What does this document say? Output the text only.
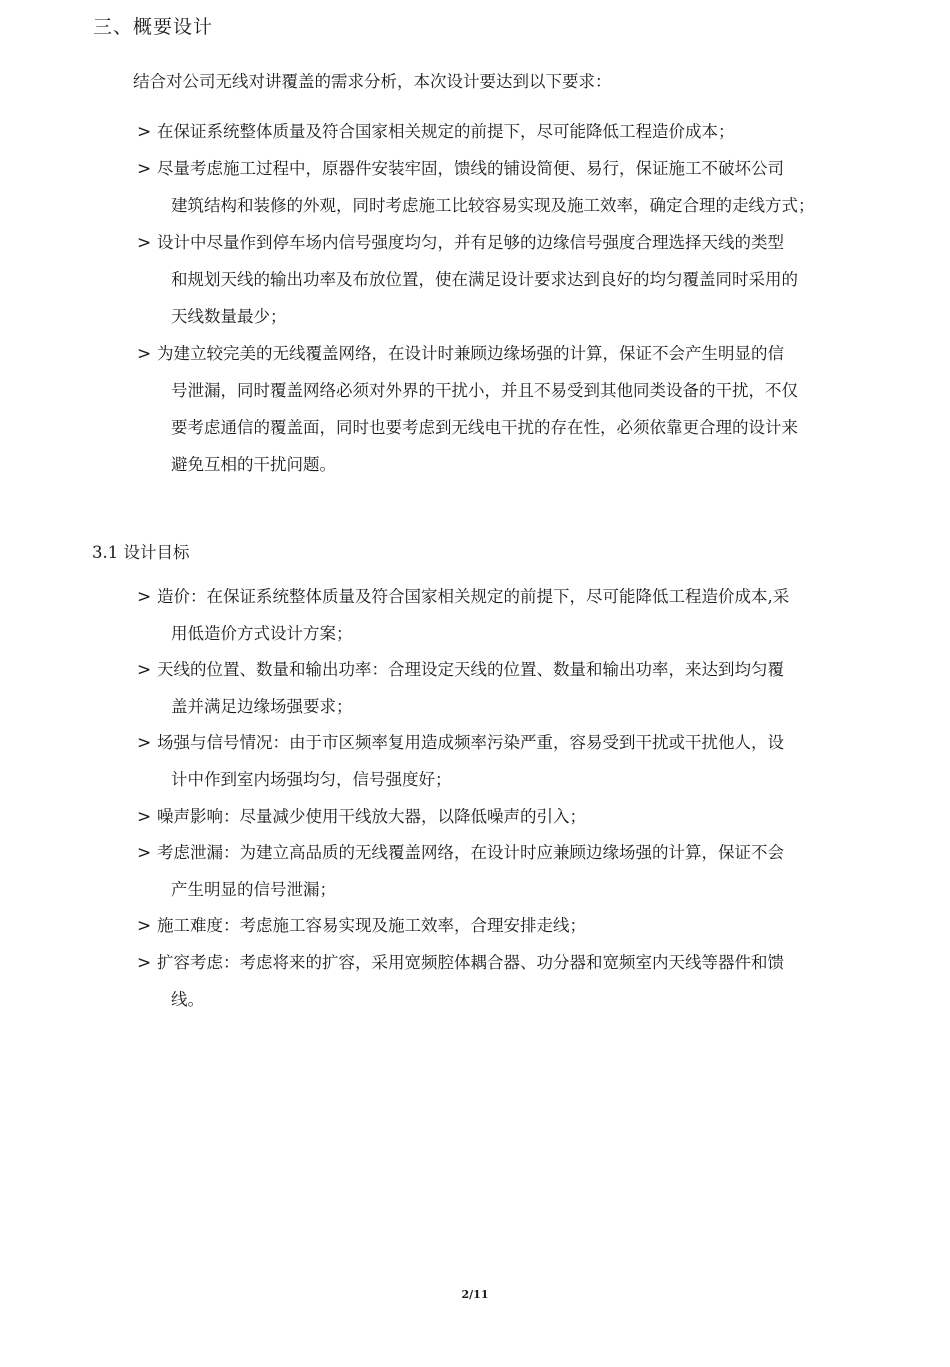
三、概要设计
结合对公司无线对讲覆盖的需求分析，本次设计要达到以下要求：
> 在保证系统整体质量及符合国家相关规定的前提下，尽可能降低工程造价成本；
> 尽量考虑施工过程中，原器件安装牢固，馈线的铺设简便、易行，保证施工不破坏公司
建筑结构和装修的外观，同时考虑施工比较容易实现及施工效率，确定合理的走线方式；
> 设计中尽量作到停车场内信号强度均匀，并有足够的边缘信号强度合理选择天线的类型
和规划天线的输出功率及布放位置，使在满足设计要求达到良好的均匀覆盖同时采用的
天线数量最少；
> 为建立较完美的无线覆盖网络，在设计时兼顾边缘场强的计算，保证不会产生明显的信
号泄漏，同时覆盖网络必须对外界的干扰小，并且不易受到其他同类设备的干扰，不仅
要考虑通信的覆盖面，同时也要考虑到无线电干扰的存在性，必须依靠更合理的设计来
避免互相的干扰问题。
3.1 设计目标
> 造价：在保证系统整体质量及符合国家相关规定的前提下，尽可能降低工程造价成本,采
用低造价方式设计方案；
> 天线的位置、数量和输出功率：合理设定天线的位置、数量和输出功率，来达到均匀覆
盖并满足边缘场强要求；
> 场强与信号情况：由于市区频率复用造成频率污染严重，容易受到干扰或干扰他人，设
计中作到室内场强均匀，信号强度好；
> 噪声影响：尽量减少使用干线放大器，以降低噪声的引入；
> 考虑泄漏：为建立高品质的无线覆盖网络，在设计时应兼顾边缘场强的计算，保证不会
产生明显的信号泄漏；
> 施工难度：考虑施工容易实现及施工效率，合理安排走线；
> 扩容考虑：考虑将来的扩容，采用宽频腔体耦合器、功分器和宽频室内天线等器件和馈
线。
2/11
